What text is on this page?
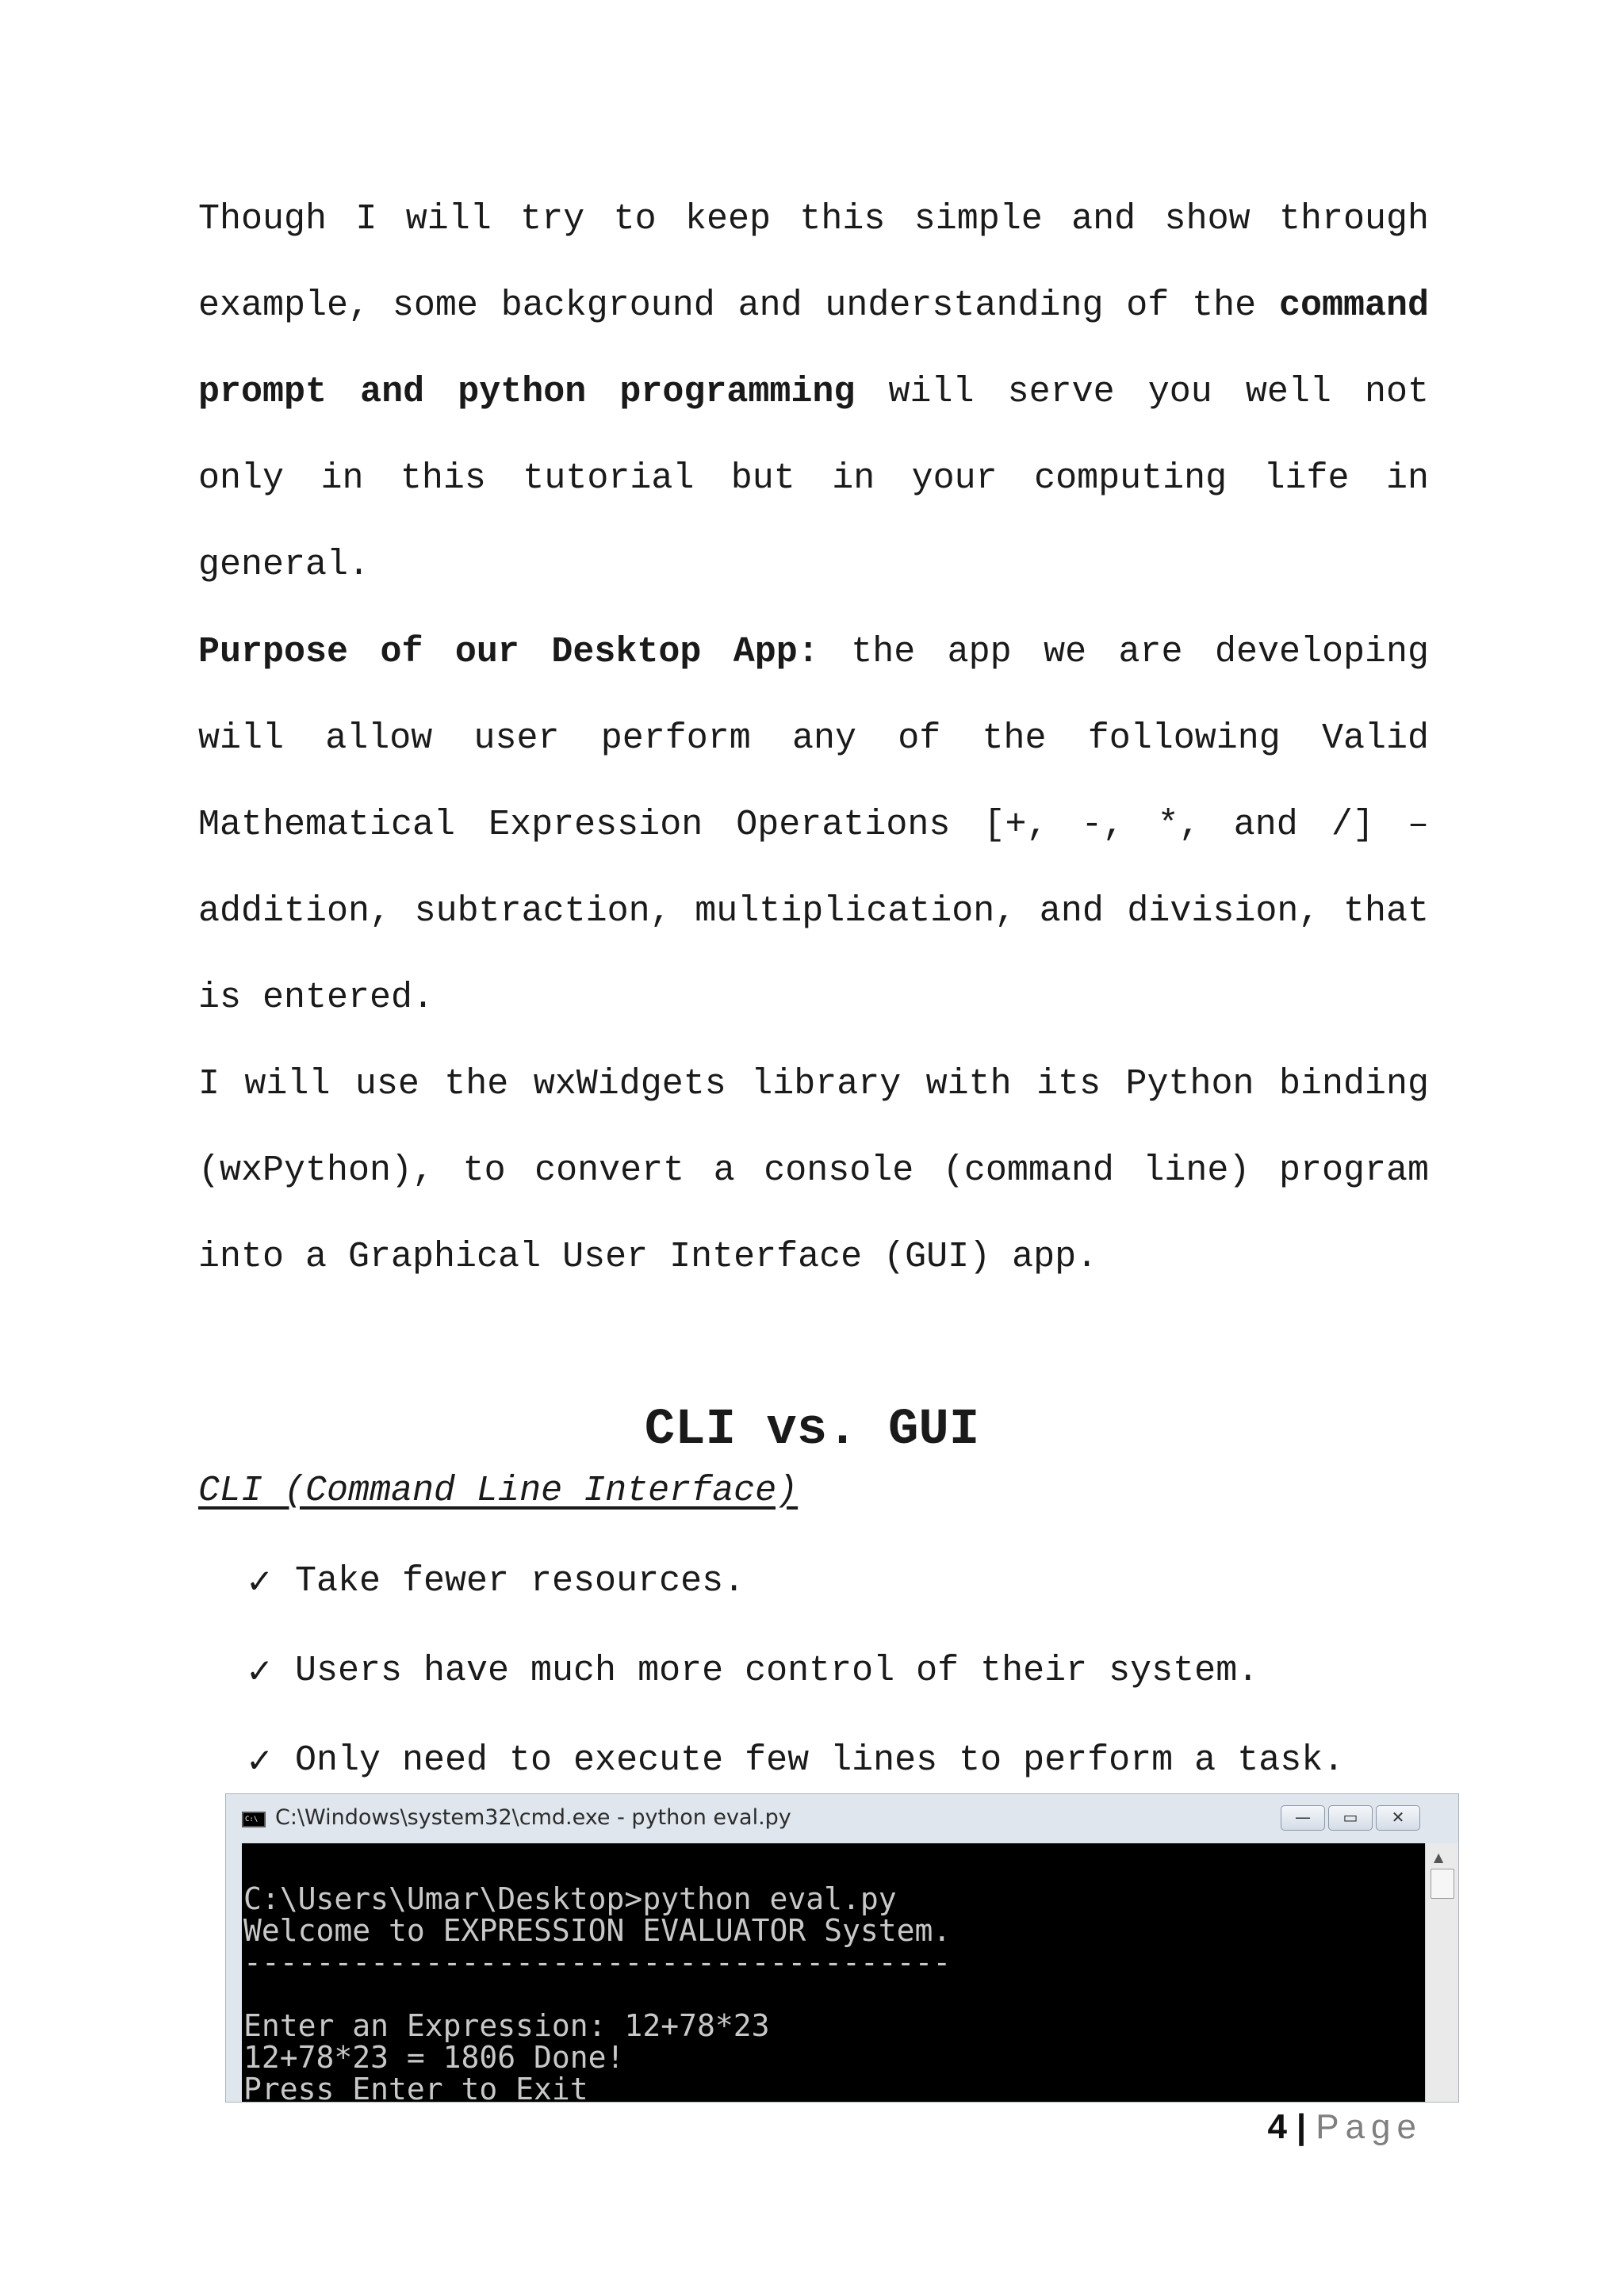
Though I will try to keep this simple and show through example, some background and understanding of the command prompt and python programming will serve you well not only in this tutorial but in your computing life in general.

Purpose of our Desktop App: the app we are developing will allow user perform any of the following Valid Mathematical Expression Operations [+, -, *, and /] – addition, subtraction, multiplication, and division, that is entered.

I will use the wxWidgets library with its Python binding (wxPython), to convert a console (command line) program into a Graphical User Interface (GUI) app.

CLI vs. GUI

CLI (Command Line Interface)

✓ Take fewer resources.
✓ Users have much more control of their system.
✓ Only need to execute few lines to perform a task.
C:\ C:\Windows\system32\cmd.exe - python eval.py	—	▭	✕
C:\Users\Umar\Desktop>python eval.py
Welcome to EXPRESSION EVALUATOR System.
---------------------------------------
Enter an Expression: 12+78*23
12+78*23 = 1806 Done!
Press Enter to Exit
▲
4 | Page
